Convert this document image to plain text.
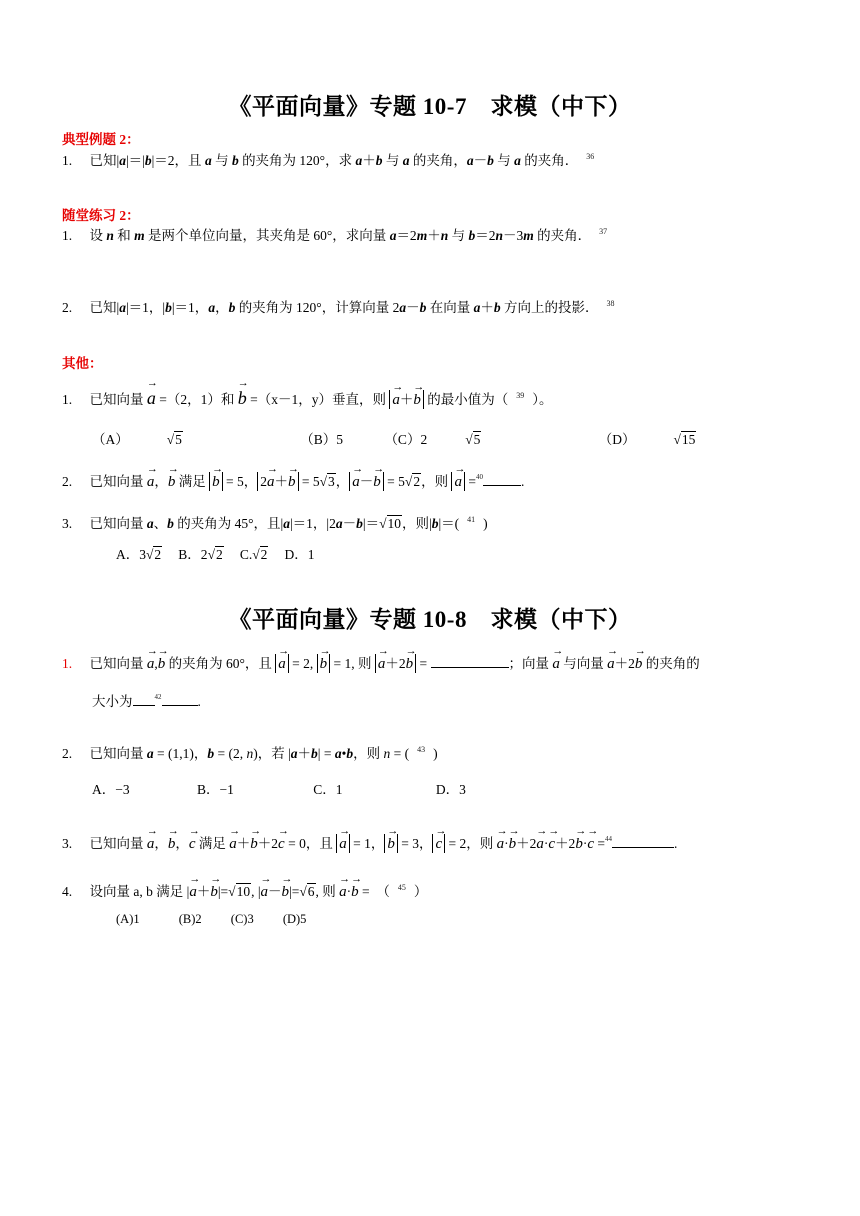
《平面向量》专题 10-7　求模（中下）
典型例题 2：
1. 已知|a|＝|b|＝2，且 a 与 b 的夹角为 120°，求 a＋b 与 a 的夹角，a－b 与 a 的夹角． $^{36}$
随堂练习 2：
1. 设 n 和 m 是两个单位向量，其夹角是 60°，求向量 a＝2m＋n 与 b＝2n－3m 的夹角． $^{37}$
2. 已知|a|＝1，|b|＝1，a，b 的夹角为 120°，计算向量 2a－b 在向量 a＋b 方向上的投影． $^{38}$
其他：
1. 已知向量 → a =（2，1）和 → b =（x－1，y）垂直，则 → a＋→ b 的最小值为（ $^{39}$ ）。
（A）	√5	（B）5	（C）2	√5	（D）	√15
2. 已知向量 → a，→ b 满足 → b = 5， 2→ a＋→ b = 5√3， → a－→ b = 5√2，则 → a =$^{40}$	.
3. 已知向量 a、b 的夹角为 45°，且|a|＝1，|2a－b|＝√10，则|b|＝( $^{41}$ )
A．3√2 B．2√2 C.√2 D．1
《平面向量》专题 10-8　求模（中下）
1. 已知向量 → a,→ b 的夹角为 60°，且 → a = 2, → b = 1, 则 → a＋2→ b =	；向量 → a 与向量 → a＋2→ b 的夹角的
大小为	$^{42}$	.
2. 已知向量 a = (1,1)，b = (2, n)，若 |a＋b| = a•b，则 n = ( $^{43}$ )
A．−3	B．−1	C．1	D．3
3. 已知向量 → a，→ b，→ c 满足 → a＋→ b＋2→ c = 0，且 → a = 1， → b = 3， → c = 2，则 → a·→ b＋2→ a·→ c＋2→ b·→ c =$^{44}$	.
4. 设向量 a, b 满足 |→ a＋→ b|=√10, |→ a－→ b|=√6, 则 → a·→ b =　（ $^{45}$ ）
(A)1	(B)2 (C)3 (D)5
